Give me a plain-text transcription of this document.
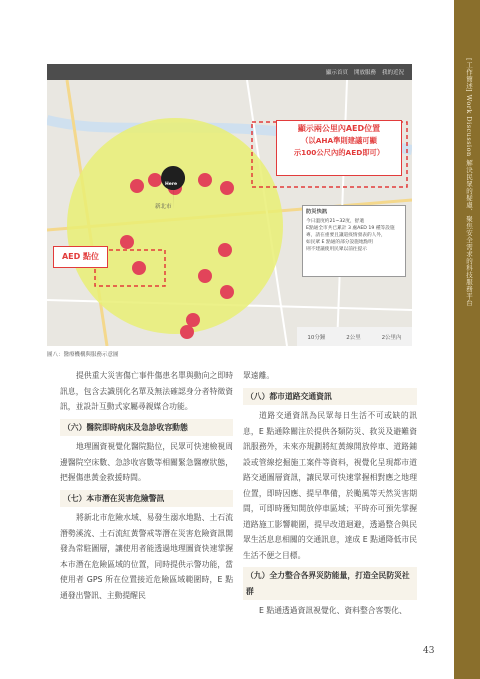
[工作簡述] Work Discussion 解決民眾的疑慮、聚焦安全需求的科技服務平台
顯示首頁 開放服務 我的近況
Here
新北市
10分鐘	2公里	2公里內
顯示兩公里內AED位置
（以AHA準則建議可顯
示100公尺內的AED即可）
AED 點位
防災快訊
今日溫度約21~32度，舒適
E點通全市共已累計 3 處AED 19 種等設施
專，請在重要且讓道疫情發表的人外，
如民眾 E 點通的部分設施地點明
則不建議使用民眾以前往提示
圖八：醫療機構與服務示意圖

提供重大災害傷亡事件傷患名單與動向之即時訊息，包含去識別化名單及無法確認身分者特徵資訊，並設計互動式家屬尋親媒合功能。

（六）醫院即時病床及急診收容動態

地理圖資視覺化醫院點位，民眾可快速檢視周邊醫院空床數、急診收容數等相關緊急醫療狀態，把握傷患黃金救援時間。

（七）本市潛在災害危險警訊

將新北市危險水域、易發生溺水地點、土石流潛勢溪流、土石流紅黃警戒等潛在災害危險資訊開發為常駐圖層，讓使用者能透過地理圖資快速掌握本市潛在危險區域的位置，同時提供示警功能，當使用者 GPS 所在位置接近危險區域範圍時，E 點通發出警訊、主動提醒民

眾遠離。
（八）都市道路交通資訊

道路交通資訊為民眾每日生活不可或缺的訊息，E 點通除關注於提供各類防災、救災及避難資訊服務外，未來亦規劃將紅黃線開放停車、道路鋪設或管線挖掘施工案件等資料，視覺化呈現都市道路交通圖層資訊，讓民眾可快速掌握相對應之地理位置，即時因應、提早準備，於颱風等天然災害期間，可即時獲知開放停車區域；平時亦可預先掌握道路施工影響範圍，提早改道迴避，透過整合與民眾生活息息相關的交通訊息，達成 E 點通降低市民生活不便之目標。

（九）全力整合各界災防能量，打造全民防災社群

E 點通透過資訊視覺化、資料整合客製化、

43
